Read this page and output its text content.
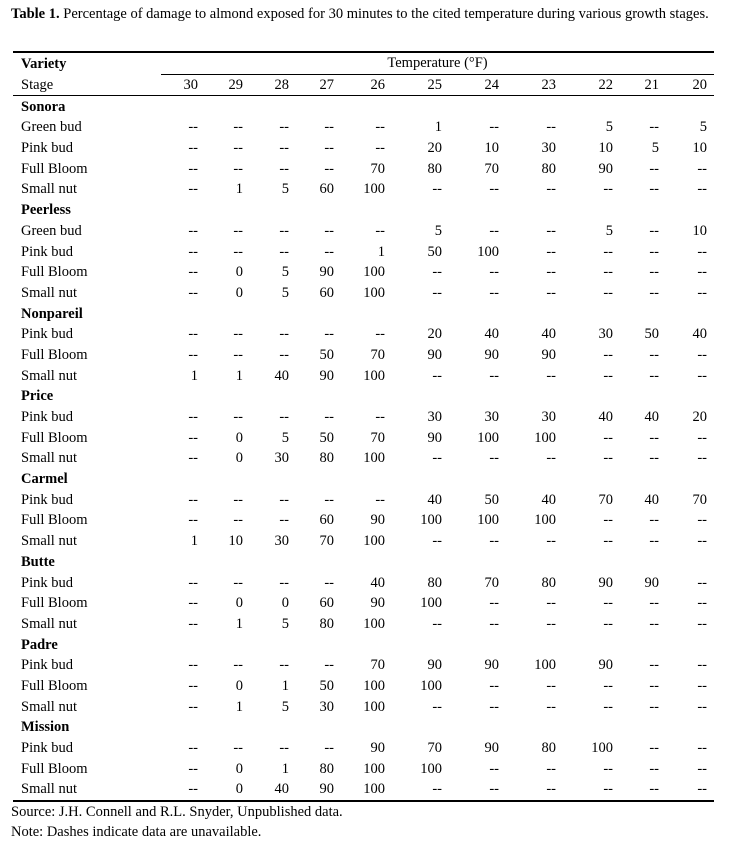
Table 1. Percentage of damage to almond exposed for 30 minutes to the cited temperature during various growth stages.

Variety	Temperature (°F)										
Stage	30	29	28	27	26	25	24	23	22	21	20
Sonora											
Green bud	--	--	--	--	--	1	--	--	5	--	5
Pink bud	--	--	--	--	--	20	10	30	10	5	10
Full Bloom	--	--	--	--	70	80	70	80	90	--	--
Small nut	--	1	5	60	100	--	--	--	--	--	--
Peerless											
Green bud	--	--	--	--	--	5	--	--	5	--	10
Pink bud	--	--	--	--	1	50	100	--	--	--	--
Full Bloom	--	0	5	90	100	--	--	--	--	--	--
Small nut	--	0	5	60	100	--	--	--	--	--	--
Nonpareil											
Pink bud	--	--	--	--	--	20	40	40	30	50	40
Full Bloom	--	--	--	50	70	90	90	90	--	--	--
Small nut	1	1	40	90	100	--	--	--	--	--	--
Price											
Pink bud	--	--	--	--	--	30	30	30	40	40	20
Full Bloom	--	0	5	50	70	90	100	100	--	--	--
Small nut	--	0	30	80	100	--	--	--	--	--	--
Carmel											
Pink bud	--	--	--	--	--	40	50	40	70	40	70
Full Bloom	--	--	--	60	90	100	100	100	--	--	--
Small nut	1	10	30	70	100	--	--	--	--	--	--
Butte											
Pink bud	--	--	--	--	40	80	70	80	90	90	--
Full Bloom	--	0	0	60	90	100	--	--	--	--	--
Small nut	--	1	5	80	100	--	--	--	--	--	--
Padre											
Pink bud	--	--	--	--	70	90	90	100	90	--	--
Full Bloom	--	0	1	50	100	100	--	--	--	--	--
Small nut	--	1	5	30	100	--	--	--	--	--	--
Mission											
Pink bud	--	--	--	--	90	70	90	80	100	--	--
Full Bloom	--	0	1	80	100	100	--	--	--	--	--
Small nut	--	0	40	90	100	--	--	--	--	--	--
Source: J.H. Connell and R.L. Snyder, Unpublished data.
Note: Dashes indicate data are unavailable.
